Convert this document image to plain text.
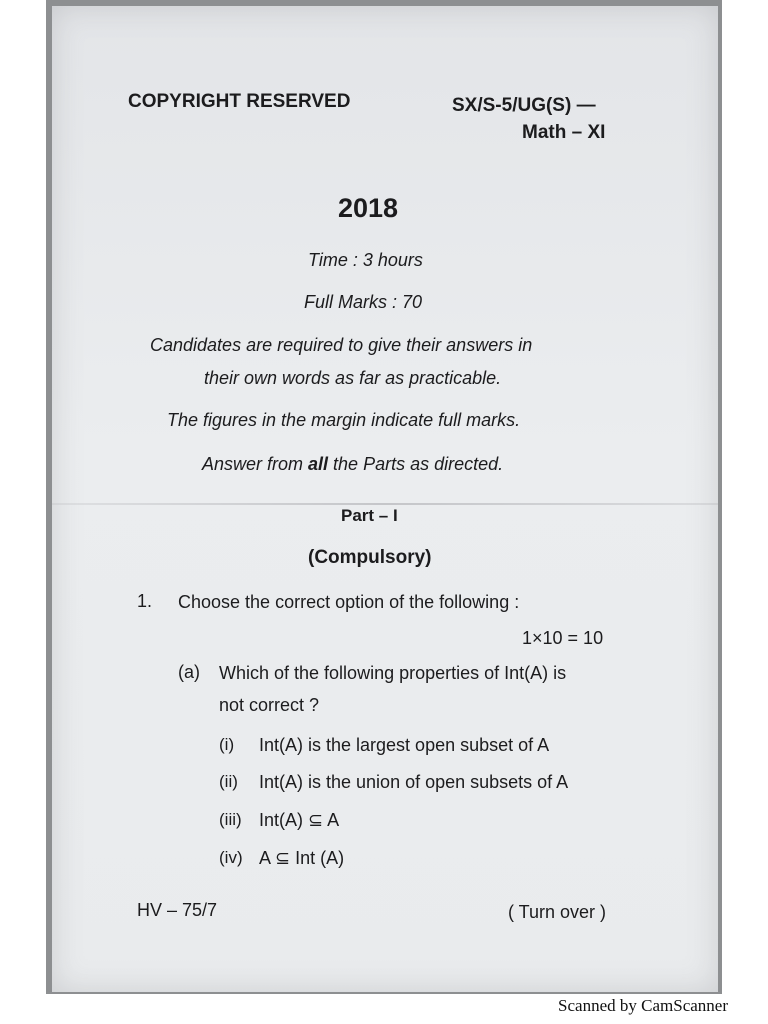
COPYRIGHT RESERVED	SX/S-5/UG(S) —
Math – XI
2018
Time : 3 hours
Full Marks : 70
Candidates are required to give their answers in
their own words as far as practicable.
The figures in the margin indicate full marks.
Answer from all the Parts as directed.
Part – I
(Compulsory)
1. Choose the correct option of the following :
1×10 = 10
(a) Which of the following properties of Int(A) is
not correct ?
(i) Int(A) is the largest open subset of A
(ii) Int(A) is the union of open subsets of A
(iii) Int(A) ⊆ A
(iv) A ⊆ Int (A)
HV – 75/7	( Turn over )
Scanned by CamScanner
